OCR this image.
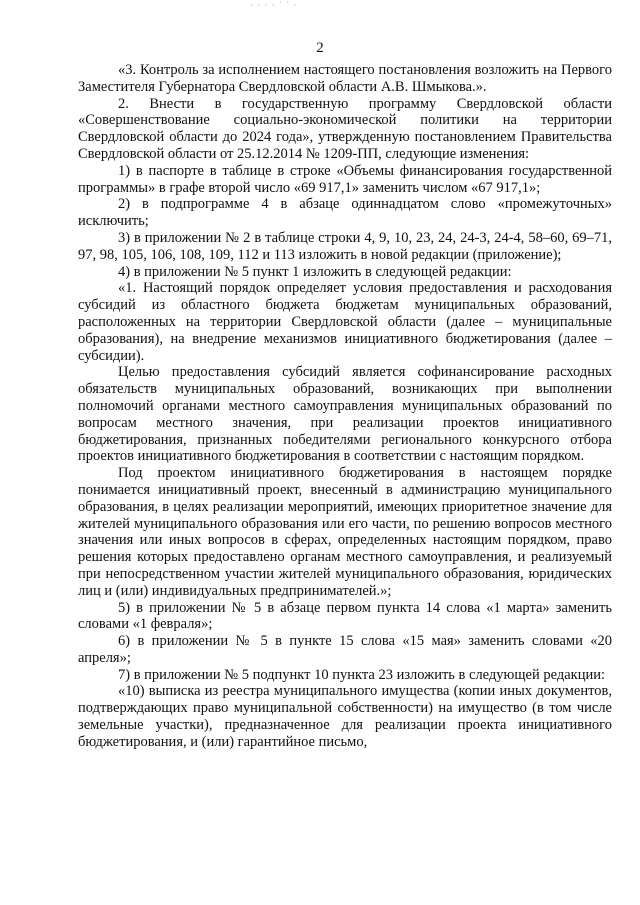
· · · · ˙ ˙ ·
2

«3. Контроль за исполнением настоящего постановления возложить на Первого Заместителя Губернатора Свердловской области А.В. Шмыкова.».

2. Внести в государственную программу Свердловской области «Совершенствование социально-экономической политики на территории Свердловской области до 2024 года», утвержденную постановлением Правительства Свердловской области от 25.12.2014 № 1209-ПП, следующие изменения:

1) в паспорте в таблице в строке «Объемы финансирования государственной программы» в графе второй число «69 917,1» заменить числом «67 917,1»;

2) в подпрограмме 4 в абзаце одиннадцатом слово «промежуточных» исключить;

3) в приложении № 2 в таблице строки 4, 9, 10, 23, 24, 24-3, 24-4, 58–60, 69–71, 97, 98, 105, 106, 108, 109, 112 и 113 изложить в новой редакции (приложение);

4) в приложении № 5 пункт 1 изложить в следующей редакции:

«1. Настоящий порядок определяет условия предоставления и расходования субсидий из областного бюджета бюджетам муниципальных образований, расположенных на территории Свердловской области (далее – муниципальные образования), на внедрение механизмов инициативного бюджетирования (далее – субсидии).

Целью предоставления субсидий является софинансирование расходных обязательств муниципальных образований, возникающих при выполнении полномочий органами местного самоуправления муниципальных образований по вопросам местного значения, при реализации проектов инициативного бюджетирования, признанных победителями регионального конкурсного отбора проектов инициативного бюджетирования в соответствии с настоящим порядком.

Под проектом инициативного бюджетирования в настоящем порядке понимается инициативный проект, внесенный в администрацию муниципального образования, в целях реализации мероприятий, имеющих приоритетное значение для жителей муниципального образования или его части, по решению вопросов местного значения или иных вопросов в сферах, определенных настоящим порядком, право решения которых предоставлено органам местного самоуправления, и реализуемый при непосредственном участии жителей муниципального образования, юридических лиц и (или) индивидуальных предпринимателей.»;

5) в приложении № 5 в абзаце первом пункта 14 слова «1 марта» заменить словами «1 февраля»;

6) в приложении № 5 в пункте 15 слова «15 мая» заменить словами «20 апреля»;

7) в приложении № 5 подпункт 10 пункта 23 изложить в следующей редакции:

«10) выписка из реестра муниципального имущества (копии иных документов, подтверждающих право муниципальной собственности) на имущество (в том числе земельные участки), предназначенное для реализации проекта инициативного бюджетирования, и (или) гарантийное письмо,
